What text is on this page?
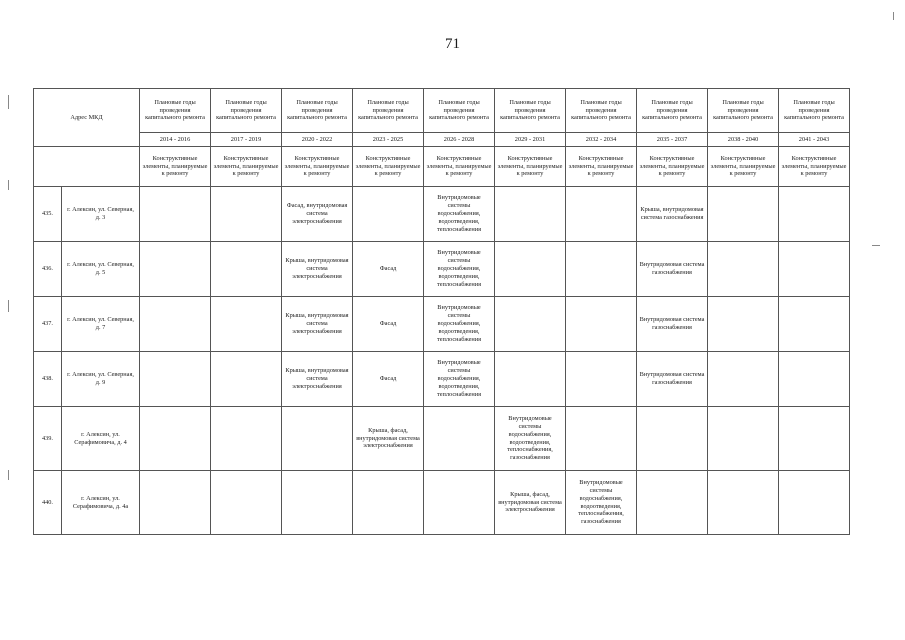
71
Адрес МКД		Плановые годы проведения капитального ремонта	Плановые годы проведения капитального ремонта	Плановые годы проведения капитального ремонта	Плановые годы проведения капитального ремонта	Плановые годы проведения капитального ремонта	Плановые годы проведения капитального ремонта	Плановые годы проведения капитального ремонта	Плановые годы проведения капитального ремонта	Плановые годы проведения капитального ремонта	Плановые годы проведения капитального ремонта
		2014 - 2016	2017 - 2019	2020 - 2022	2023 - 2025	2026 - 2028	2029 - 2031	2032 - 2034	2035 - 2037	2038 - 2040	2041 - 2043
		Конструктивные элементы, планируемые к ремонту	Конструктивные элементы, планируемые к ремонту	Конструктивные элементы, планируемые к ремонту	Конструктивные элементы, планируемые к ремонту	Конструктивные элементы, планируемые к ремонту	Конструктивные элементы, планируемые к ремонту	Конструктивные элементы, планируемые к ремонту	Конструктивные элементы, планируемые к ремонту	Конструктивные элементы, планируемые к ремонту	Конструктивные элементы, планируемые к ремонту
435.	г. Алексин, ул. Северная, д. 3			Фасад, внутридомовая система электроснабжения		Внутридомовые системы водоснабжения, водоотведения, теплоснабжения			Крыша, внутридомовая система газоснабжения		
436.	г. Алексин, ул. Северная, д. 5			Крыша, внутридомовая система электроснабжения	Фасад	Внутридомовые системы водоснабжения, водоотведения, теплоснабжения			Внутридомовая система газоснабжения		
437.	г. Алексин, ул. Северная, д. 7			Крыша, внутридомовая система электроснабжения	Фасад	Внутридомовые системы водоснабжения, водоотведения, теплоснабжения			Внутридомовая система газоснабжения		
438.	г. Алексин, ул. Северная, д. 9			Крыша, внутридомовая система электроснабжения	Фасад	Внутридомовые системы водоснабжения, водоотведения, теплоснабжения			Внутридомовая система газоснабжения		
439.	г. Алексин, ул. Серафимовича, д. 4				Крыша, фасад, внутридомовая система электроснабжения		Внутридомовые системы водоснабжения, водоотведения, теплоснабжения, газоснабжения				
440.	г. Алексин, ул. Серафимовича, д. 4а						Крыша, фасад, внутридомовая система электроснабжения	Внутридомовые системы водоснабжения, водоотведения, теплоснабжения, газоснабжения			
